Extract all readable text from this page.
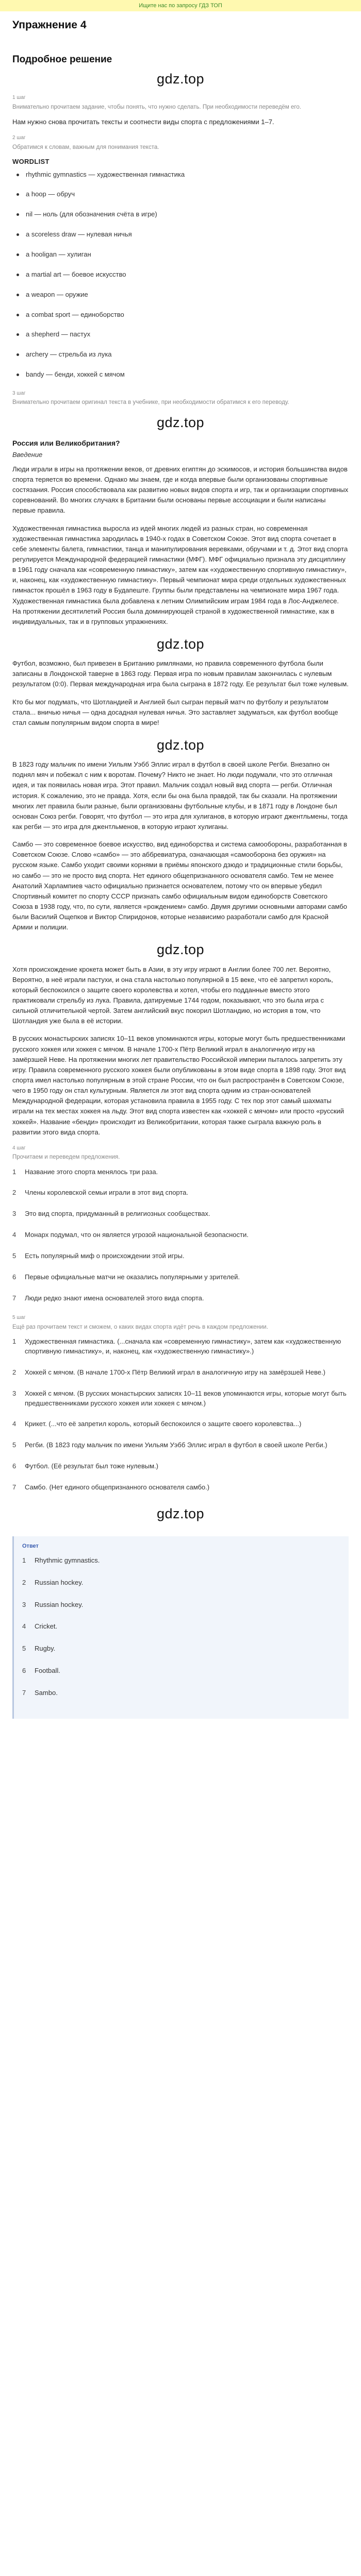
Ищите нас по запросу ГДЗ ТОП
Упражнение 4
Подробное решение
gdz.top
1 шаг
Внимательно прочитаем задание, чтобы понять, что нужно сделать. При необходимости переведём его.

Нам нужно снова прочитать тексты и соотнести виды спорта с предложениями 1–7.

2 шаг
Обратимся к словам, важным для понимания текста.
WORDLIST
rhythmic gymnastics — художественная гимнастика
a hoop — обруч
nil — ноль (для обозначения счёта в игре)
a scoreless draw — нулевая ничья
a hooligan — хулиган
a martial art — боевое искусство
a weapon — оружие
a combat sport — единоборство
a shepherd — пастух
archery — стрельба из лука
bandy — бенди, хоккей с мячом
3 шаг
Внимательно прочитаем оригинал текста в учебнике, при необходимости обратимся к его переводу.
gdz.top
Россия или Великобритания?
Введение

Люди играли в игры на протяжении веков, от древних египтян до эскимосов, и история большинства видов спорта теряется во времени. Однако мы знаем, где и когда впервые были организованы спортивные состязания. Россия способствовала как развитию новых видов спорта и игр, так и организации спортивных соревнований. Во многих случаях в Британии были основаны первые ассоциации и были написаны первые правила.

Художественная гимнастика выросла из идей многих людей из разных стран, но современная художественная гимнастика зародилась в 1940-х годах в Советском Союзе. Этот вид спорта сочетает в себе элементы балета, гимнастики, танца и манипулирования веревками, обручами и т. д. Этот вид спорта регулируется Международной федерацией гимнастики (МФГ). МФГ официально признала эту дисциплину в 1961 году сначала как «современную гимнастику», затем как «художественную спортивную гимнастику», и, наконец, как «художественную гимнастику». Первый чемпионат мира среди отдельных художественных гимнасток прошёл в 1963 году в Будапеште. Группы были представлены на чемпионате мира 1967 года. Художественная гимнастика была добавлена к летним Олимпийским играм 1984 года в Лос-Анджелесе. На протяжении десятилетий Россия была доминирующей страной в художественной гимнастике, как в индивидуальных, так и в групповых упражнениях.

gdz.top

Футбол, возможно, был привезен в Британию римлянами, но правила современного футбола были записаны в Лондонской таверне в 1863 году. Первая игра по новым правилам закончилась с нулевым результатом (0:0). Первая международная игра была сыграна в 1872 году. Ее результат был тоже нулевым.

Кто бы мог подумать, что Шотландией и Англией был сыгран первый матч по футболу и результатом стала... вничью ничья — одна досадная нулевая ничья. Это заставляет задуматься, как футбол вообще стал самым популярным видом спорта в мире!

gdz.top

В 1823 году мальчик по имени Уильям Уэбб Эллис играл в футбол в своей школе Регби. Внезапно он поднял мяч и побежал с ним к воротам. Почему? Никто не знает. Но люди подумали, что это отличная идея, и так появилась новая игра. Этот правил. Мальчик создал новый вид спорта — регби. Отличная история. К сожалению, это не правда. Хотя, если бы она была правдой, так бы сказали. На протяжении многих лет правила были разные, были организованы футбольные клубы, и в 1871 году в Лондоне был основан Союз регби. Говорят, что футбол — это игра для хулиганов, в которую играют джентльмены, тогда как регби — это игра для джентльменов, в которую играют хулиганы.

Самбо — это современное боевое искусство, вид единоборства и система самообороны, разработанная в Советском Союзе. Слово «самбо» — это аббревиатура, означающая «самооборона без оружия» на русском языке. Самбо уходит своими корнями в приёмы японского дзюдо и традиционные стили борьбы, но самбо — это не просто вид спорта. Нет единого общепризнанного основателя самбо. Тем не менее Анатолий Харлампиев часто официально признается основателем, потому что он впервые убедил Спортивный комитет по спорту СССР признать самбо официальным видом единоборств Советского Союза в 1938 году, что, по сути, является «рождением» самбо. Двумя другими основными авторами самбо были Василий Ощепков и Виктор Спиридонов, которые независимо разработали самбо для Красной Армии и полиции.

gdz.top

Хотя происхождение крокета может быть в Азии, в эту игру играют в Англии более 700 лет. Вероятно, Вероятно, в неё играли пастухи, и она стала настолько популярной в 15 веке, что её запретил король, который беспокоился о защите своего королевства и хотел, чтобы его подданные вместо этого практиковали стрельбу из лука. Правила, датируемые 1744 годом, показывают, что это была игра с сильной отличительной чертой. Затем английский вкус покорил Шотландию, но история в том, что Шотландия уже была в её истории.

В русских монастырских записях 10–11 веков упоминаются игры, которые могут быть предшественниками русского хоккея или хоккея с мячом. В начале 1700-х Пётр Великий играл в аналогичную игру на замёрзшей Неве. На протяжении многих лет правительство Российской империи пыталось запретить эту игру. Правила современного русского хоккея были опубликованы в этом виде спорта в 1898 году. Этот вид спорта имел настолько популярным в этой стране России, что он был распространён в Советском Союзе, чего в 1950 году он стал культурным. Является ли этот вид спорта одним из стран-основателей Международной федерации, которая установила правила в 1955 году. С тех пор этот самый шахматы играли на тех местах хоккея на льду. Этот вид спорта известен как «хоккей с мячом» или просто «русский хоккей». Название «бенди» происходит из Великобритании, которая также сыграла важную роль в развитии этого вида спорта.

4 шаг
Прочитаем и переведем предложения.
1	Название этого спорта менялось три раза.
2	Члены королевской семьи играли в этот вид спорта.
3	Это вид спорта, придуманный в религиозных сообществах.
4	Монарх подумал, что он является угрозой национальной безопасности.
5	Есть популярный миф о происхождении этой игры.
6	Первые официальные матчи не оказались популярными у зрителей.
7	Люди редко знают имена основателей этого вида спорта.
5 шаг
Ещё раз прочитаем текст и сможем, о каких видах спорта идёт речь в каждом предложении.
1	Художественная гимнастика. (...сначала как «современную гимнастику», затем как «художественную спортивную гимнастику», и, наконец, как «художественную гимнастику».)
2	Хоккей с мячом. (В начале 1700-х Пётр Великий играл в аналогичную игру на замёрзшей Неве.)
3	Хоккей с мячом. (В русских монастырских записях 10–11 веков упоминаются игры, которые могут быть предшественниками русского хоккея или хоккея с мячом.)
4	Крикет. (...что её запретил король, который беспокоился о защите своего королевства...)
5	Регби. (В 1823 году мальчик по имени Уильям Уэбб Эллис играл в футбол в своей школе Регби.)
6	Футбол. (Её результат был тоже нулевым.)
7	Самбо. (Нет единого общепризнанного основателя самбо.)
gdz.top
Ответ
1	Rhythmic gymnastics.
2	Russian hockey.
3	Russian hockey.
4	Cricket.
5	Rugby.
6	Football.
7	Sambo.
